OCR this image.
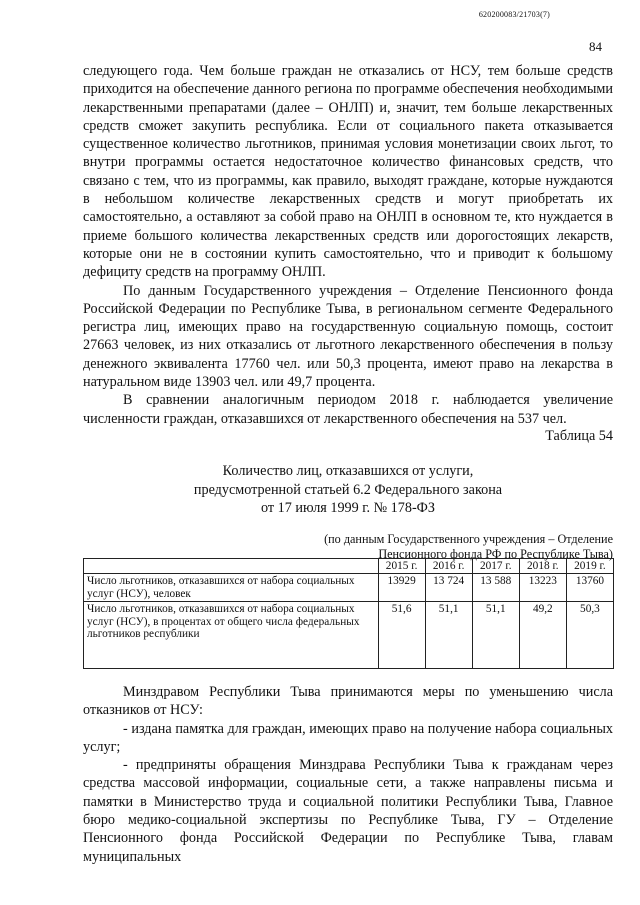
620200083/21703(7)
84

следующего года. Чем больше граждан не отказались от НСУ, тем больше средств приходится на обеспечение данного региона по программе обеспечения необходимыми лекарственными препаратами (далее – ОНЛП) и, значит, тем больше лекарственных средств сможет закупить республика. Если от социального пакета отказывается существенное количество льготников, принимая условия монетизации своих льгот, то внутри программы остается недостаточное количество финансовых средств, что связано с тем, что из программы, как правило, выходят граждане, которые нуждаются в небольшом количестве лекарственных средств и могут приобретать их самостоятельно, а оставляют за собой право на ОНЛП в основном те, кто нуждается в приеме большого количества лекарственных средств или дорогостоящих лекарств, которые они не в состоянии купить самостоятельно, что и приводит к большому дефициту средств на программу ОНЛП.

По данным Государственного учреждения – Отделение Пенсионного фонда Российской Федерации по Республике Тыва, в региональном сегменте Федерального регистра лиц, имеющих право на государственную социальную помощь, состоит 27663 человек, из них отказались от льготного лекарственного обеспечения в пользу денежного эквивалента 17760 чел. или 50,3 процента, имеют право на лекарства в натуральном виде 13903 чел. или 49,7 процента.

В сравнении аналогичным периодом 2018 г. наблюдается увеличение численности граждан, отказавшихся от лекарственного обеспечения на 537 чел.

Таблица 54
Количество лиц, отказавшихся от услуги,
предусмотренной статьей 6.2 Федерального закона
от 17 июля 1999 г. № 178-ФЗ
(по данным Государственного учреждения – Отделение
Пенсионного фонда РФ по Республике Тыва)
	2015 г.	2016 г.	2017 г.	2018 г.	2019 г.
Число льготников, отказавшихся от набора социальных услуг (НСУ), человек	13929	13 724	13 588	13223	13760
Число льготников, отказавшихся от набора социальных услуг (НСУ), в процентах от общего числа федеральных льготников республики	51,6	51,1	51,1	49,2	50,3

Минздравом Республики Тыва принимаются меры по уменьшению числа отказников от НСУ:

- издана памятка для граждан, имеющих право на получение набора социальных услуг;

- предприняты обращения Минздрава Республики Тыва к гражданам через средства массовой информации, социальные сети, а также направлены письма и памятки в Министерство труда и социальной политики Республики Тыва, Главное бюро медико-социальной экспертизы по Республике Тыва, ГУ – Отделение Пенсионного фонда Российской Федерации по Республике Тыва, главам муниципальных
